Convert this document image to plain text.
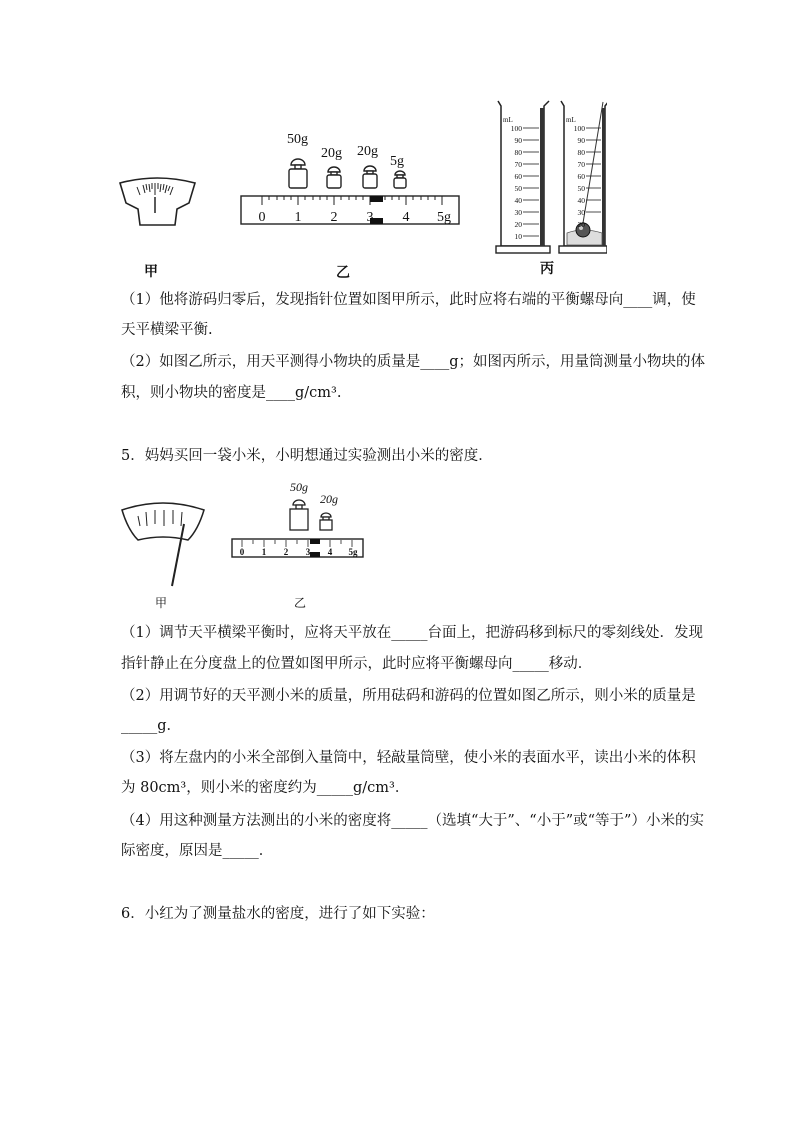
甲
50g
20g 20g
5g
0 1 2 3 4 5g
乙
mL	mL
100
90
80
70
60
50
40
30
20
10
100
90
80
70
60
50
40
30
20
丙
（1）他将游码归零后，发现指针位置如图甲所示，此时应将右端的平衡螺母向____调，使
天平横梁平衡.
（2）如图乙所示，用天平测得小物块的质量是____g；如图丙所示，用量筒测量小物块的体
积，则小物块的密度是____g/cm³.
5．妈妈买回一袋小米，小明想通过实验测出小米的密度．
甲
50g
20g
0 1 2 3 4 5g
乙
（1）调节天平横梁平衡时，应将天平放在_____台面上，把游码移到标尺的零刻线处．发现
指针静止在分度盘上的位置如图甲所示，此时应将平衡螺母向_____移动．
（2）用调节好的天平测小米的质量，所用砝码和游码的位置如图乙所示，则小米的质量是
_____g．
（3）将左盘内的小米全部倒入量筒中，轻敲量筒壁，使小米的表面水平，读出小米的体积
为 80cm³，则小米的密度约为_____g/cm³．
（4）用这种测量方法测出的小米的密度将_____（选填“大于”、“小于”或“等于”）小米的实
际密度，原因是_____．
6．小红为了测量盐水的密度，进行了如下实验：
